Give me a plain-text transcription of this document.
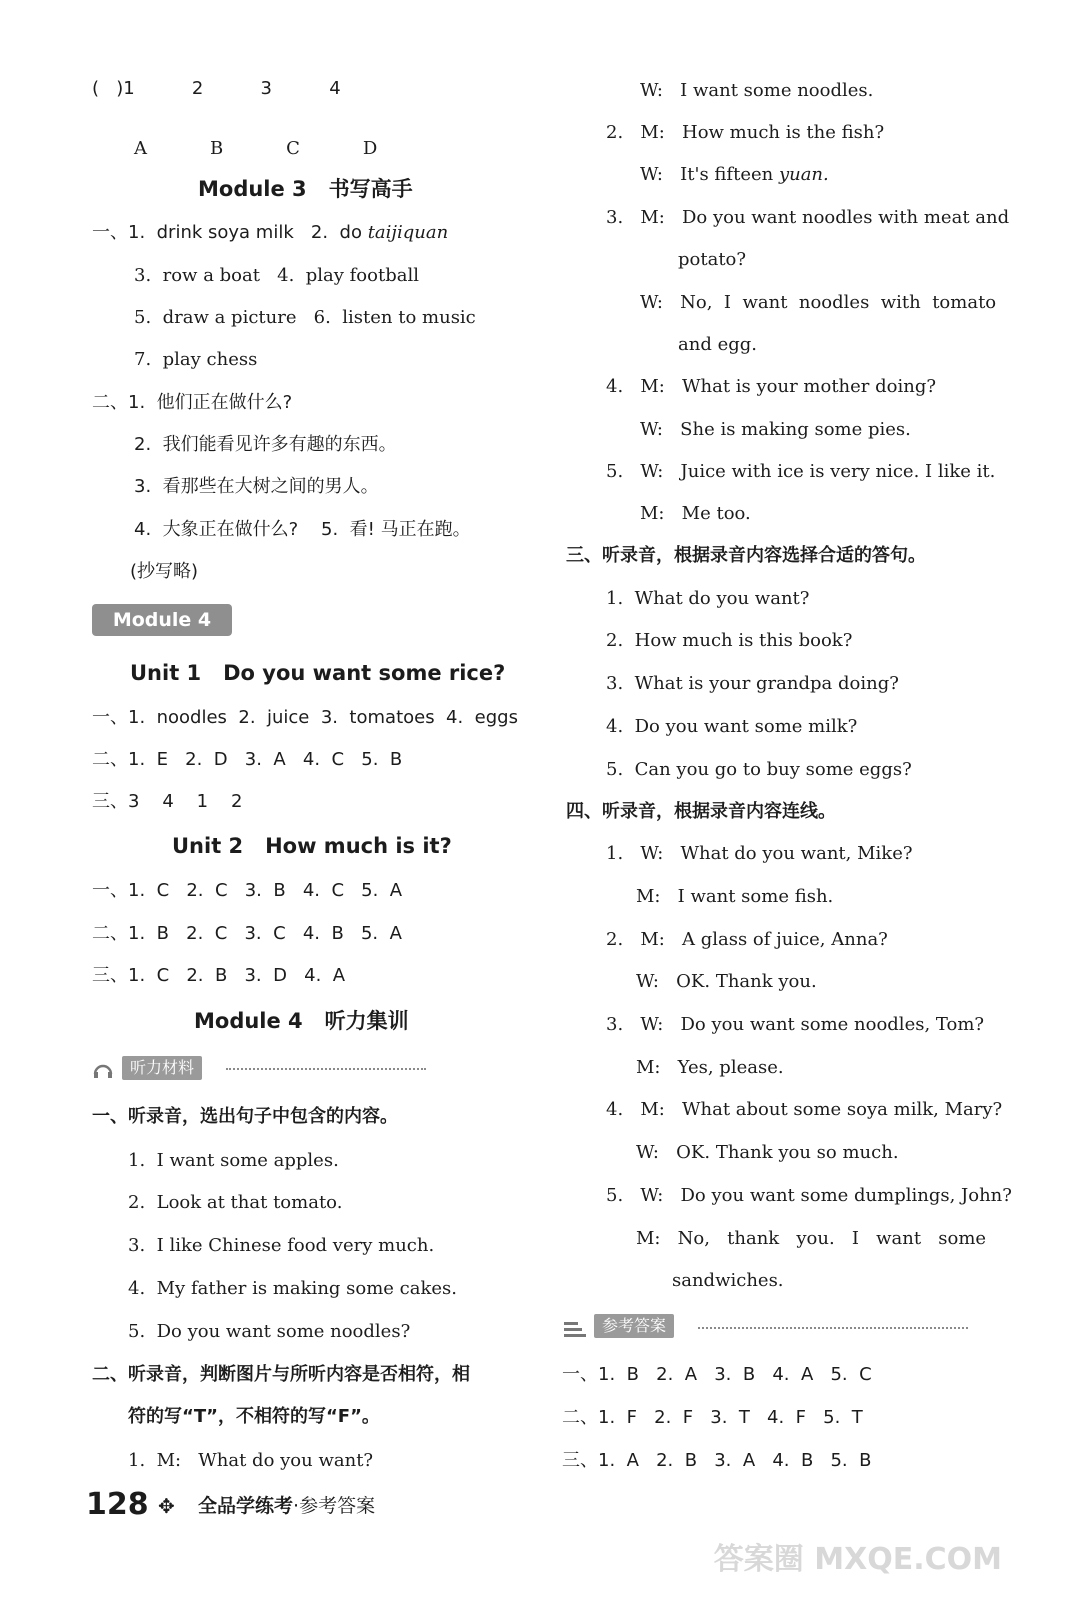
(   )1          2          3          4
A           B           C           D
Module 3   书写高手
一、1.  drink soya milk   2.  do taijiquan
3.  row a boat   4.  play football
5.  draw a picture   6.  listen to music
7.  play chess
二、1.  他们正在做什么?
2.  我们能看见许多有趣的东西。
3.  看那些在大树之间的男人。
4.  大象正在做什么?    5.  看! 马正在跑。
(抄写略)
Module 4
Unit 1   Do you want some rice?
一、1.  noodles  2.  juice  3.  tomatoes  4.  eggs
二、1.  E   2.  D   3.  A   4.  C   5.  B
三、3    4    1    2
Unit 2   How much is it?
一、1.  C   2.  C   3.  B   4.  C   5.  A
二、1.  B   2.  C   3.  C   4.  B   5.  A
三、1.  C   2.  B   3.  D   4.  A
Module 4   听力集训
听力材料
一、听录音，选出句子中包含的内容。
1.  I want some apples.
2.  Look at that tomato.
3.  I like Chinese food very much.
4.  My father is making some cakes.
5.  Do you want some noodles?
二、听录音，判断图片与所听内容是否相符，相
符的写“T”，不相符的写“F”。
1.  M:   What do you want?
W:   I want some noodles.
2.   M:   How much is the fish?
W:   It's fifteen yuan.
3.   M:   Do you want noodles with meat and
potato?
W:   No,  I  want  noodles  with  tomato
and egg.
4.   M:   What is your mother doing?
W:   She is making some pies.
5.   W:   Juice with ice is very nice. I like it.
M:   Me too.
三、听录音，根据录音内容选择合适的答句。
1.  What do you want?
2.  How much is this book?
3.  What is your grandpa doing?
4.  Do you want some milk?
5.  Can you go to buy some eggs?
四、听录音，根据录音内容连线。
1.   W:   What do you want, Mike?
M:   I want some fish.
2.   M:   A glass of juice, Anna?
W:   OK. Thank you.
3.   W:   Do you want some noodles, Tom?
M:   Yes, please.
4.   M:   What about some soya milk, Mary?
W:   OK. Thank you so much.
5.   W:   Do you want some dumplings, John?
M:   No,   thank   you.   I   want   some
sandwiches.
参考答案
一、1.  B   2.  A   3.  B   4.  A   5.  C
二、1.  F   2.  F   3.  T   4.  F   5.  T
三、1.  A   2.  B   3.  A   4.  B   5.  B
128 ✥ 全品学练考·参考答案
答案圈 MXQE.COM
